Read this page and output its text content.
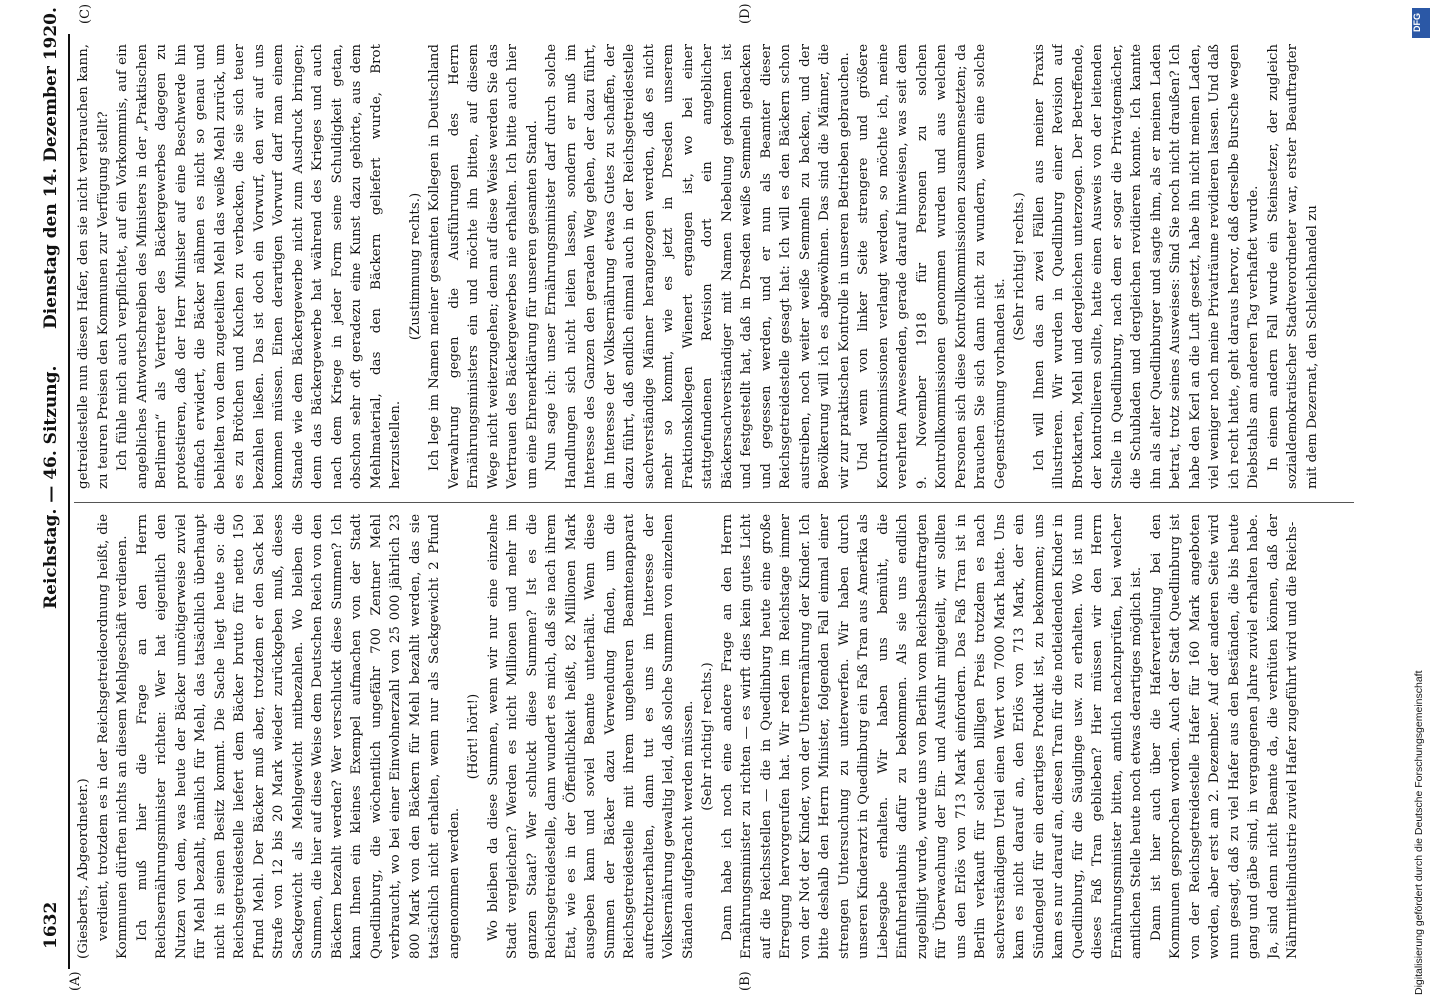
1632
Reichstag. — 46. Sitzung.
Dienstag den 14. Dezember 1920.
(A)	(B)
(C)	(D)

(Giesberts, Abgeordneter.) verdient, trotzdem es in der Reichsgetreideordnung heißt, die Kommunen dürften nichts an diesem Mehlgeschäft verdienen. Ich muß hier die Frage an den Herrn Reichsernährungsminister richten: Wer hat eigentlich den Nutzen von dem, was heute der Bäcker unnötigerweise zuviel für Mehl bezahlt, nämlich für Mehl, das tatsächlich überhaupt nicht in seinen Besitz kommt. Die Sache liegt heute so: die Reichsgetreidestelle liefert dem Bäcker brutto für netto 150 Pfund Mehl. Der Bäcker muß aber, trotzdem er den Sack bei Strafe von 12 bis 20 Mark wieder zurückgeben muß, dieses Sackgewicht als Mehlgewicht mitbezahlen. Wo bleiben die Summen, die hier auf diese Weise dem Deutschen Reich von den Bäckern bezahlt werden? Wer verschluckt diese Summen? Ich kann Ihnen ein kleines Exempel aufmachen von der Stadt Quedlinburg, die wöchentlich ungefähr 700 Zentner Mehl verbraucht, wo bei einer Einwohnerzahl von 25 000 jährlich 23 800 Mark von den Bäckern für Mehl bezahlt werden, das sie tatsächlich nicht erhalten, wenn nur als Sackgewicht 2 Pfund angenommen werden.

(Hört! hört!) Wo bleiben da diese Summen, wenn wir nur eine einzelne Stadt vergleichen? Werden es nicht Millionen und mehr im ganzen Staat? Wer schluckt diese Summen? Ist es die Reichsgetreidestelle, dann wundert es mich, daß sie nach ihrem Etat, wie es in der Öffentlichkeit heißt, 82 Millionen Mark ausgeben kann und soviel Beamte unterhält. Wenn diese Summen der Bäcker dazu Verwendung finden, um die Reichsgetreidestelle mit ihrem ungeheuren Beamtenapparat aufrechtzuerhalten, dann tut es uns im Interesse der Volksernährung gewaltig leid, daß solche Summen von einzelnen Ständen aufgebracht werden müssen. (Sehr richtig! rechts.) Dann habe ich noch eine andere Frage an den Herrn Ernährungsminister zu richten — es wirft dies kein gutes Licht auf die Reichsstellen — die in Quedlinburg heute eine große Erregung hervorgerufen hat. Wir reden im Reichstage immer von der Not der Kinder, von der Unterernährung der Kinder. Ich bitte deshalb den Herrn Minister, folgenden Fall einmal einer strengen Untersuchung zu unterwerfen. Wir haben durch unseren Kinderarzt in Quedlinburg ein Faß Tran aus Amerika als Liebesgabe erhalten. Wir haben uns bemüht, die Einfuhrerlaubnis dafür zu bekommen. Als sie uns endlich zugebilligt wurde, wurde uns von Berlin vom Reichsbeauftragten für Überwachung der Ein- und Ausfuhr mitgeteilt, wir sollten uns den Erlös von 713 Mark einfordern. Das Faß Tran ist in Berlin verkauft für solchen billigen Preis trotzdem es nach sachverständigem Urteil einen Wert von 7000 Mark hatte. Uns kam es nicht darauf an, den Erlös von 713 Mark, der ein Sündengeld für ein derartiges Produkt ist, zu bekommen; uns kam es nur darauf an, diesen Tran für die notleidenden Kinder in Quedlinburg, für die Säuglinge usw. zu erhalten. Wo ist nun dieses Faß Tran geblieben? Hier müssen wir den Herrn Ernährungsminister bitten, amtlich nachzuprüfen, bei welcher amtlichen Stelle heute noch etwas derartiges möglich ist. Dann ist hier auch über die Haferverteilung bei den Kommunen gesprochen worden. Auch der Stadt Quedlinburg ist von der Reichsgetreidestelle Hafer für 160 Mark angeboten worden, aber erst am 2. Dezember. Auf der anderen Seite wird nun gesagt, daß zu viel Hafer aus den Beständen, die bis heute gang und gäbe sind, in vergangenen Jahre zuviel erhalten habe. Ja, sind denn nicht Beamte da, die verhüten können, daß der Nährmittelindustrie zuviel Hafer zugeführt wird und die Reichs-

getreidestelle nun diesen Hafer, den sie nicht verbrauchen kann, zu teuren Preisen den Kommunen zur Verfügung stellt? Ich fühle mich auch verpflichtet, auf ein Vorkommnis, auf ein angebliches Antwortschreiben des Ministers in der „Praktischen Berlinerin“ als Vertreter des Bäckergewerbes dagegen zu protestieren, daß der Herr Minister auf eine Beschwerde hin einfach erwidert, die Bäcker nähmen es nicht so genau und behielten von dem zugeteilten Mehl das weiße Mehl zurück, um es zu Brötchen und Kuchen zu verbacken, die sie sich teuer bezahlen ließen. Das ist doch ein Vorwurf, den wir auf uns kommen müssen. Einen derartigen Vorwurf darf man einem Stande wie dem Bäckergewerbe nicht zum Ausdruck bringen; denn das Bäckergewerbe hat während des Krieges und auch nach dem Kriege in jeder Form seine Schuldigkeit getan, obschon sehr oft geradezu eine Kunst dazu gehörte, aus dem Mehlmaterial, das den Bäckern geliefert wurde, Brot herzustellen.

(Zustimmung rechts.) Ich lege im Namen meiner gesamten Kollegen in Deutschland Verwahrung gegen die Ausführungen des Herrn Ernährungsministers ein und möchte ihn bitten, auf diesem Wege nicht weiterzugehen; denn auf diese Weise werden Sie das Vertrauen des Bäckergewerbes nie erhalten. Ich bitte auch hier um eine Ehrenerklärung für unseren gesamten Stand. Nun sage ich: unser Ernährungsminister darf durch solche Handlungen sich nicht leiten lassen, sondern er muß im Interesse des Ganzen den geraden Weg gehen, der dazu führt, im Interesse der Volksernährung etwas Gutes zu schaffen, der dazu führt, daß endlich einmal auch in der Reichsgetreidestelle sachverständige Männer herangezogen werden, daß es nicht mehr so kommt, wie es jetzt in Dresden unserem Fraktionskollegen Wienert ergangen ist, wo bei einer stattgefundenen Revision dort ein angeblicher Bäckersachverständiger mit Namen Nebelung gekommen ist und festgestellt hat, daß in Dresden weiße Semmeln gebacken und gegessen werden, und er nun als Beamter dieser Reichsgetreidestelle gesagt hat: Ich will es den Bäckern schon austreiben, noch weiter weiße Semmeln zu backen, und der Bevölkerung will ich es abgewöhnen. Das sind die Männer, die wir zur praktischen Kontrolle in unseren Betrieben gebrauchen. Und wenn von linker Seite strengere und größere Kontrollkommissionen verlangt werden, so möchte ich, meine verehrten Anwesenden, gerade darauf hinweisen, was seit dem 9. November 1918 für Personen zu solchen Kontrollkommissionen genommen wurden und aus welchen Personen sich diese Kontrollkommissionen zusammensetzten; da brauchen Sie sich dann nicht zu wundern, wenn eine solche Gegenströmung vorhanden ist.

(Sehr richtig! rechts.) Ich will Ihnen das an zwei Fällen aus meiner Praxis illustrieren. Wir wurden in Quedlinburg einer Revision auf Brotkarten, Mehl und dergleichen unterzogen. Der Betreffende, der kontrollieren sollte, hatte einen Ausweis von der leitenden Stelle in Quedlinburg, nach dem er sogar die Privatgemächer, die Schubladen und dergleichen revidieren konnte. Ich kannte ihn als alter Quedlinburger und sagte ihm, als er meinen Laden betrat, trotz seines Ausweises: Sind Sie noch nicht draußen? Ich habe den Kerl an die Luft gesetzt, habe ihn nicht meinen Laden, viel weniger noch meine Privaträume revidieren lassen. Und daß ich recht hatte, geht daraus hervor, daß derselbe Bursche wegen Diebstahls am anderen Tag verhaftet wurde. In einem andern Fall wurde ein Steinsetzer, der zugleich sozialdemokratischer Stadtverordneter war, erster Beauftragter mit dem Dezernat, den Schleichhandel zu

Digitalisierung gefördert durch die Deutsche Forschungsgemeinschaft
DFG
